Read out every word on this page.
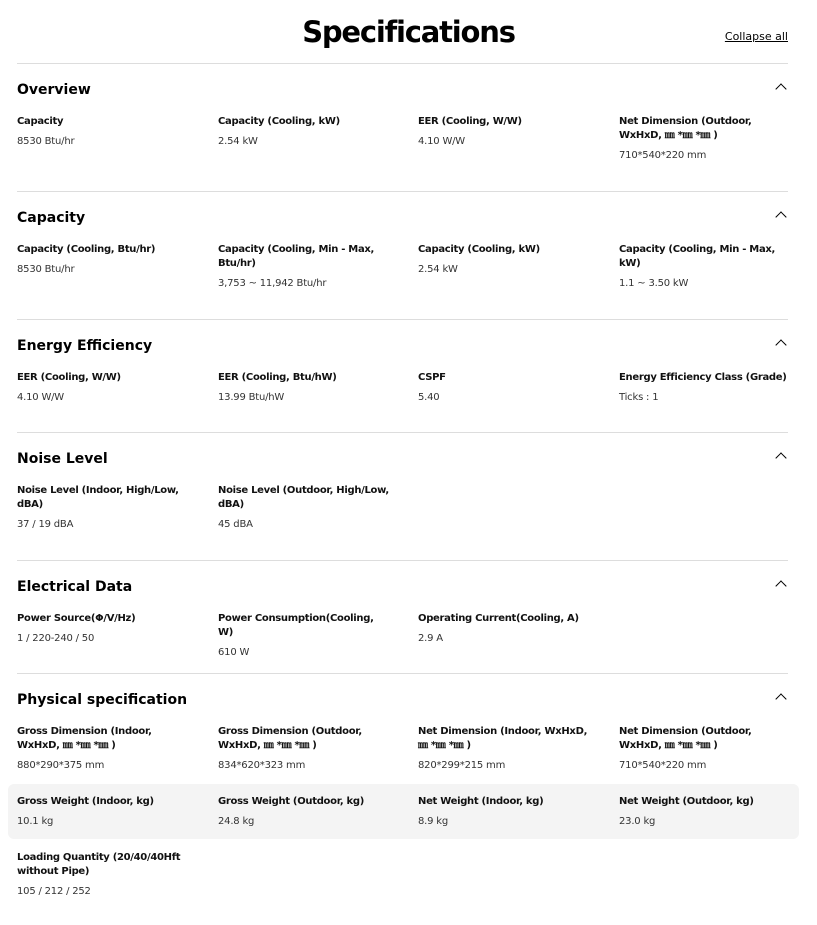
Specifications	Collapse all
Overview
Capacity
8530 Btu/hr
Capacity (Cooling, kW)
2.54 kW
EER (Cooling, W/W)
4.10 W/W
Net Dimension (Outdoor, WxHxD, ㎜ *㎜ *㎜ )
710*540*220 mm
Capacity
Capacity (Cooling, Btu/hr)
8530 Btu/hr
Capacity (Cooling, Min - Max, Btu/hr)
3,753 ~ 11,942 Btu/hr
Capacity (Cooling, kW)
2.54 kW
Capacity (Cooling, Min - Max, kW)
1.1 ~ 3.50 kW
Energy Efficiency
EER (Cooling, W/W)
4.10 W/W
EER (Cooling, Btu/hW)
13.99 Btu/hW
CSPF
5.40
Energy Efficiency Class (Grade)
Ticks : 1
Noise Level
Noise Level (Indoor, High/Low, dBA)
37 / 19 dBA
Noise Level (Outdoor, High/Low, dBA)
45 dBA
Electrical Data
Power Source(Φ/V/Hz)
1 / 220-240 / 50
Power Consumption(Cooling, W)
610 W
Operating Current(Cooling, A)
2.9 A
Physical specification
Gross Dimension (Indoor, WxHxD, ㎜ *㎜ *㎜ )
880*290*375 mm
Gross Dimension (Outdoor, WxHxD, ㎜ *㎜ *㎜ )
834*620*323 mm
Net Dimension (Indoor, WxHxD, ㎜ *㎜ *㎜ )
820*299*215 mm
Net Dimension (Outdoor, WxHxD, ㎜ *㎜ *㎜ )
710*540*220 mm
Gross Weight (Indoor, kg)
10.1 kg
Gross Weight (Outdoor, kg)
24.8 kg
Net Weight (Indoor, kg)
8.9 kg
Net Weight (Outdoor, kg)
23.0 kg
Loading Quantity (20/40/40Hft without Pipe)
105 / 212 / 252
